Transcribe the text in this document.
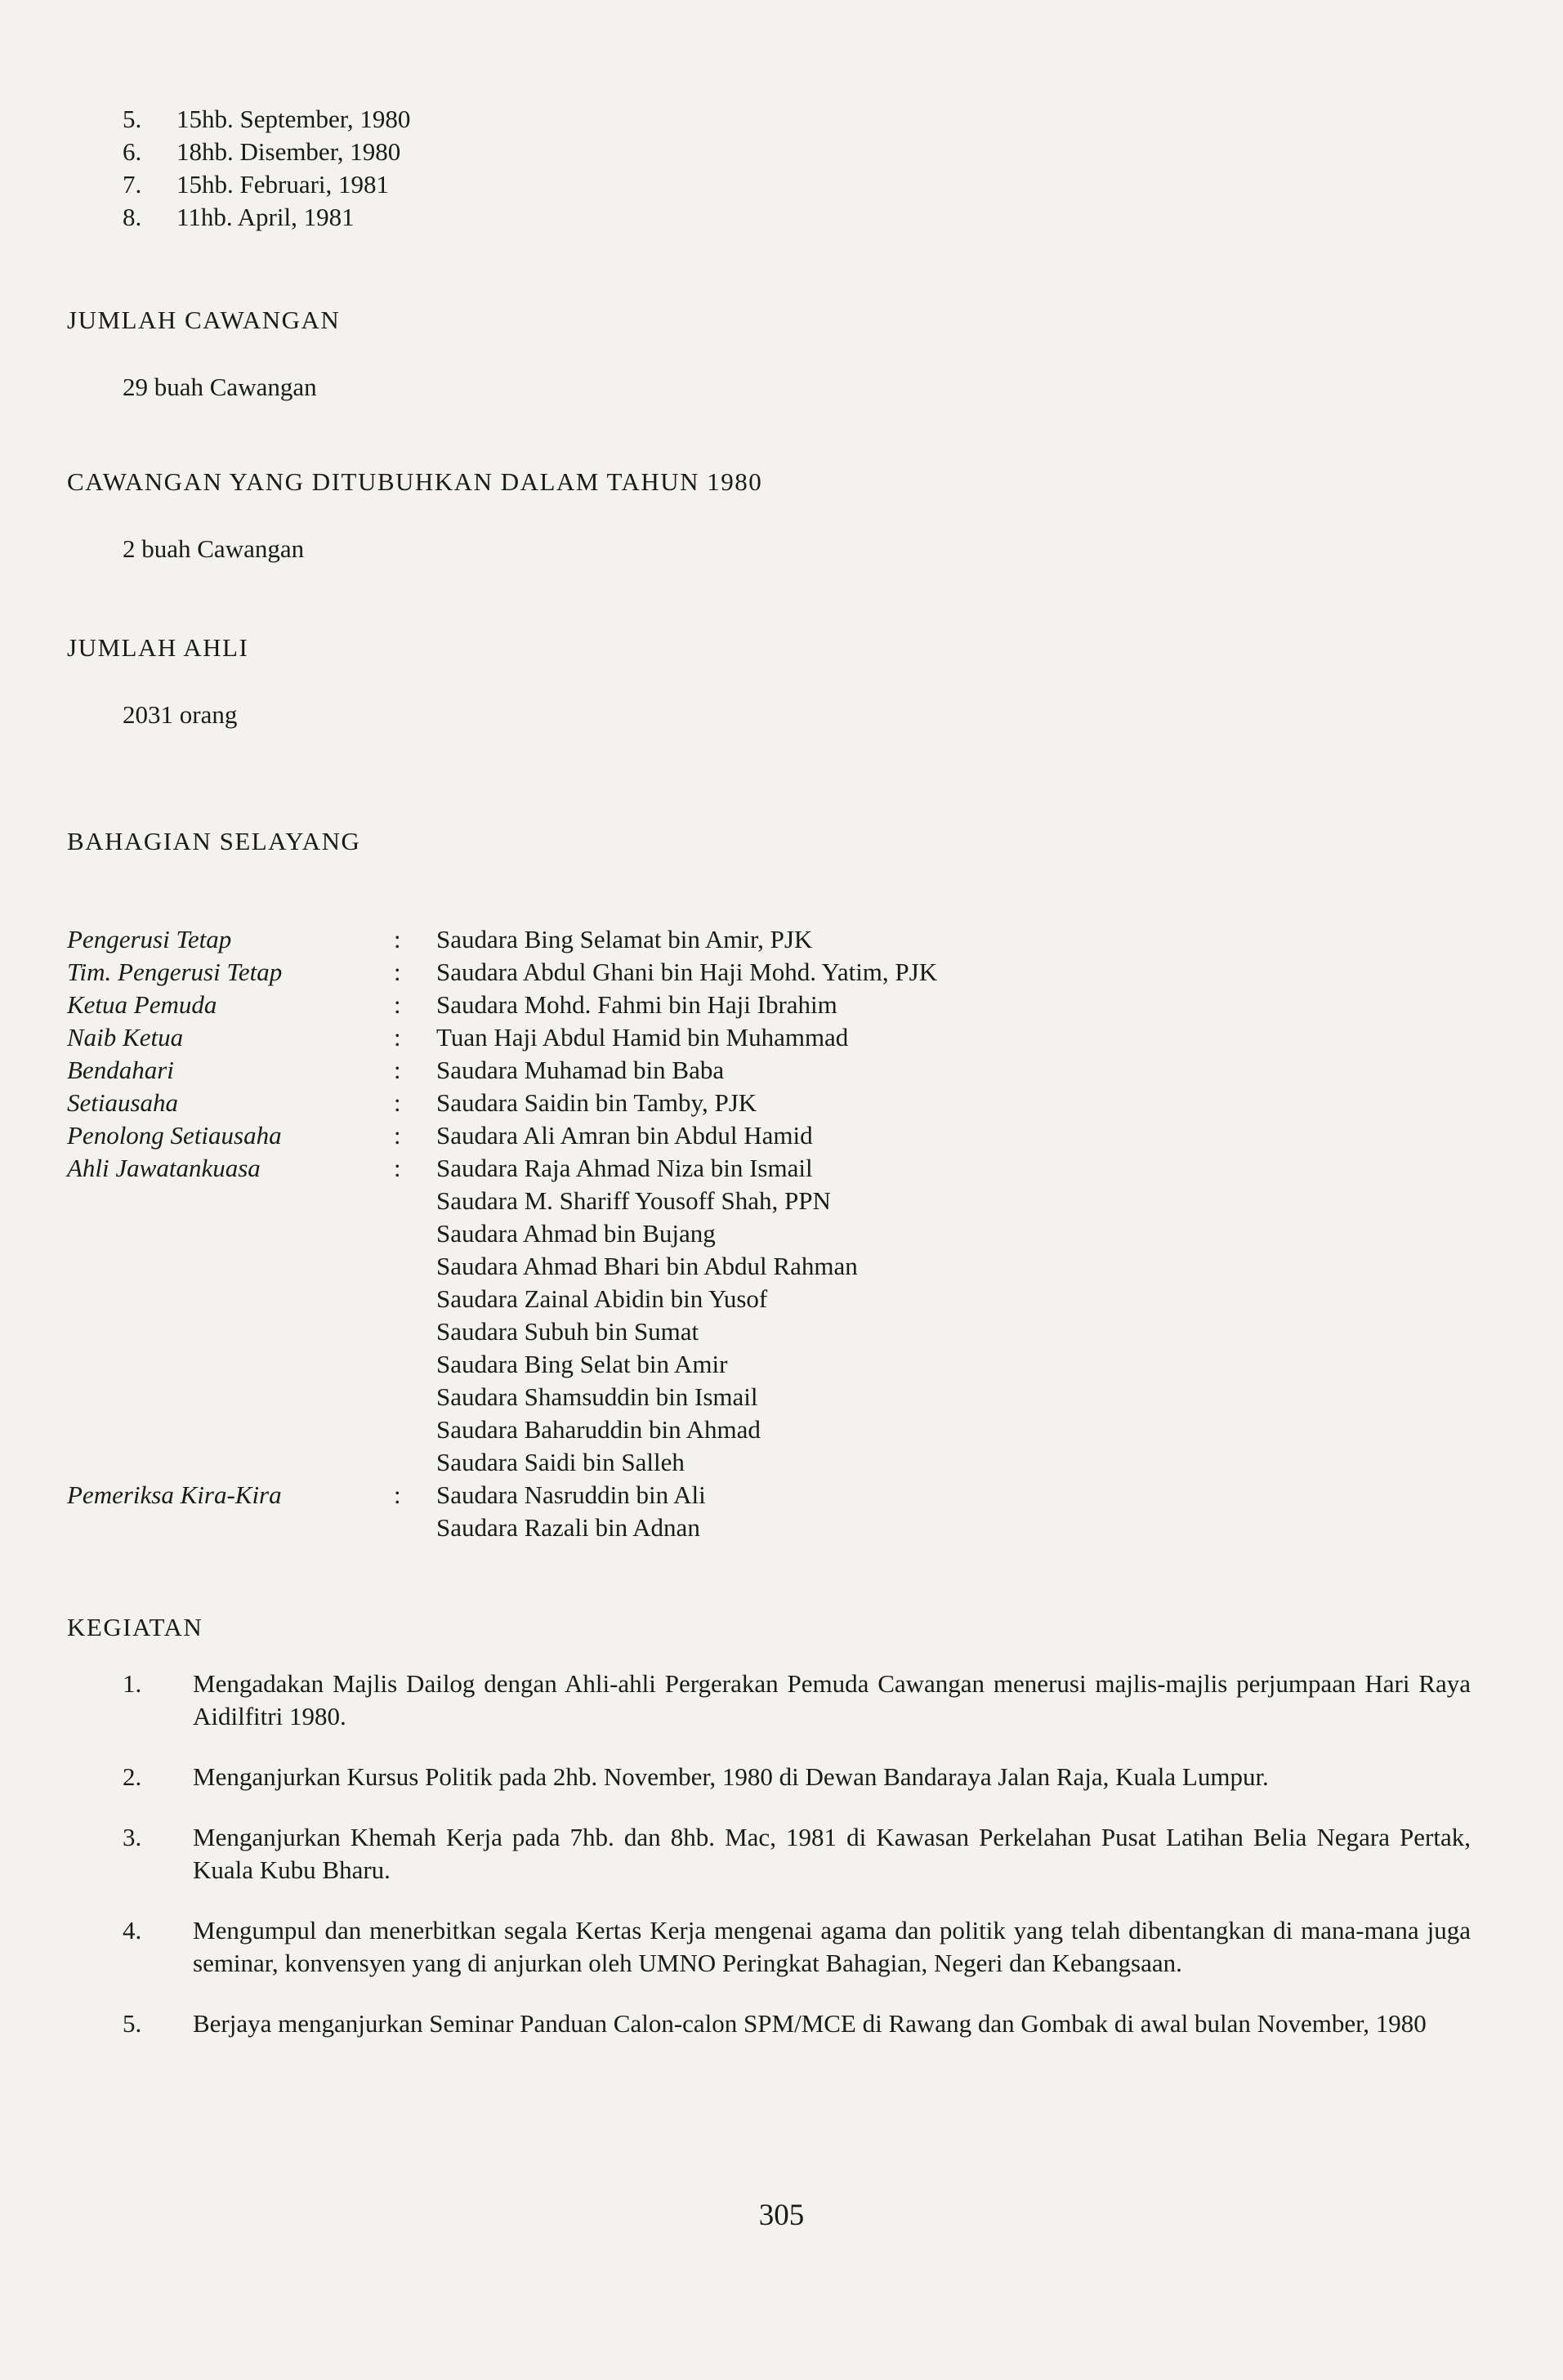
5.	15hb. September, 1980
6.	18hb. Disember, 1980
7.	15hb. Februari, 1981
8.	11hb. April, 1981
JUMLAH CAWANGAN
29 buah Cawangan
CAWANGAN YANG DITUBUHKAN DALAM TAHUN 1980
2 buah Cawangan
JUMLAH AHLI
2031 orang
BAHAGIAN SELAYANG
Pengerusi Tetap	:	Saudara Bing Selamat bin Amir, PJK
Tim. Pengerusi Tetap	:	Saudara Abdul Ghani bin Haji Mohd. Yatim, PJK
Ketua Pemuda	:	Saudara Mohd. Fahmi bin Haji Ibrahim
Naib Ketua	:	Tuan Haji Abdul Hamid bin Muhammad
Bendahari	:	Saudara Muhamad bin Baba
Setiausaha	:	Saudara Saidin bin Tamby, PJK
Penolong Setiausaha	:	Saudara Ali Amran bin Abdul Hamid
Ahli Jawatankuasa	:	Saudara Raja Ahmad Niza bin Ismail
Saudara M. Shariff Yousoff Shah, PPN
Saudara Ahmad bin Bujang
Saudara Ahmad Bhari bin Abdul Rahman
Saudara Zainal Abidin bin Yusof
Saudara Subuh bin Sumat
Saudara Bing Selat bin Amir
Saudara Shamsuddin bin Ismail
Saudara Baharuddin bin Ahmad
Saudara Saidi bin Salleh
Pemeriksa Kira-Kira	:	Saudara Nasruddin bin Ali
Saudara Razali bin Adnan
KEGIATAN
1.	Mengadakan Majlis Dailog dengan Ahli-ahli Pergerakan Pemuda Cawangan menerusi majlis-majlis perjumpaan Hari Raya Aidilfitri 1980.
2.	Menganjurkan Kursus Politik pada 2hb. November, 1980 di Dewan Bandaraya Jalan Raja, Kuala Lumpur.
3.	Menganjurkan Khemah Kerja pada 7hb. dan 8hb. Mac, 1981 di Kawasan Perkelahan Pusat Latihan Belia Negara Pertak, Kuala Kubu Bharu.
4.	Mengumpul dan menerbitkan segala Kertas Kerja mengenai agama dan politik yang telah dibentangkan di mana-mana juga seminar, konvensyen yang di anjurkan oleh UMNO Peringkat Bahagian, Negeri dan Kebangsaan.
5.	Berjaya menganjurkan Seminar Panduan Calon-calon SPM/MCE di Rawang dan Gombak di awal bulan November, 1980
305
